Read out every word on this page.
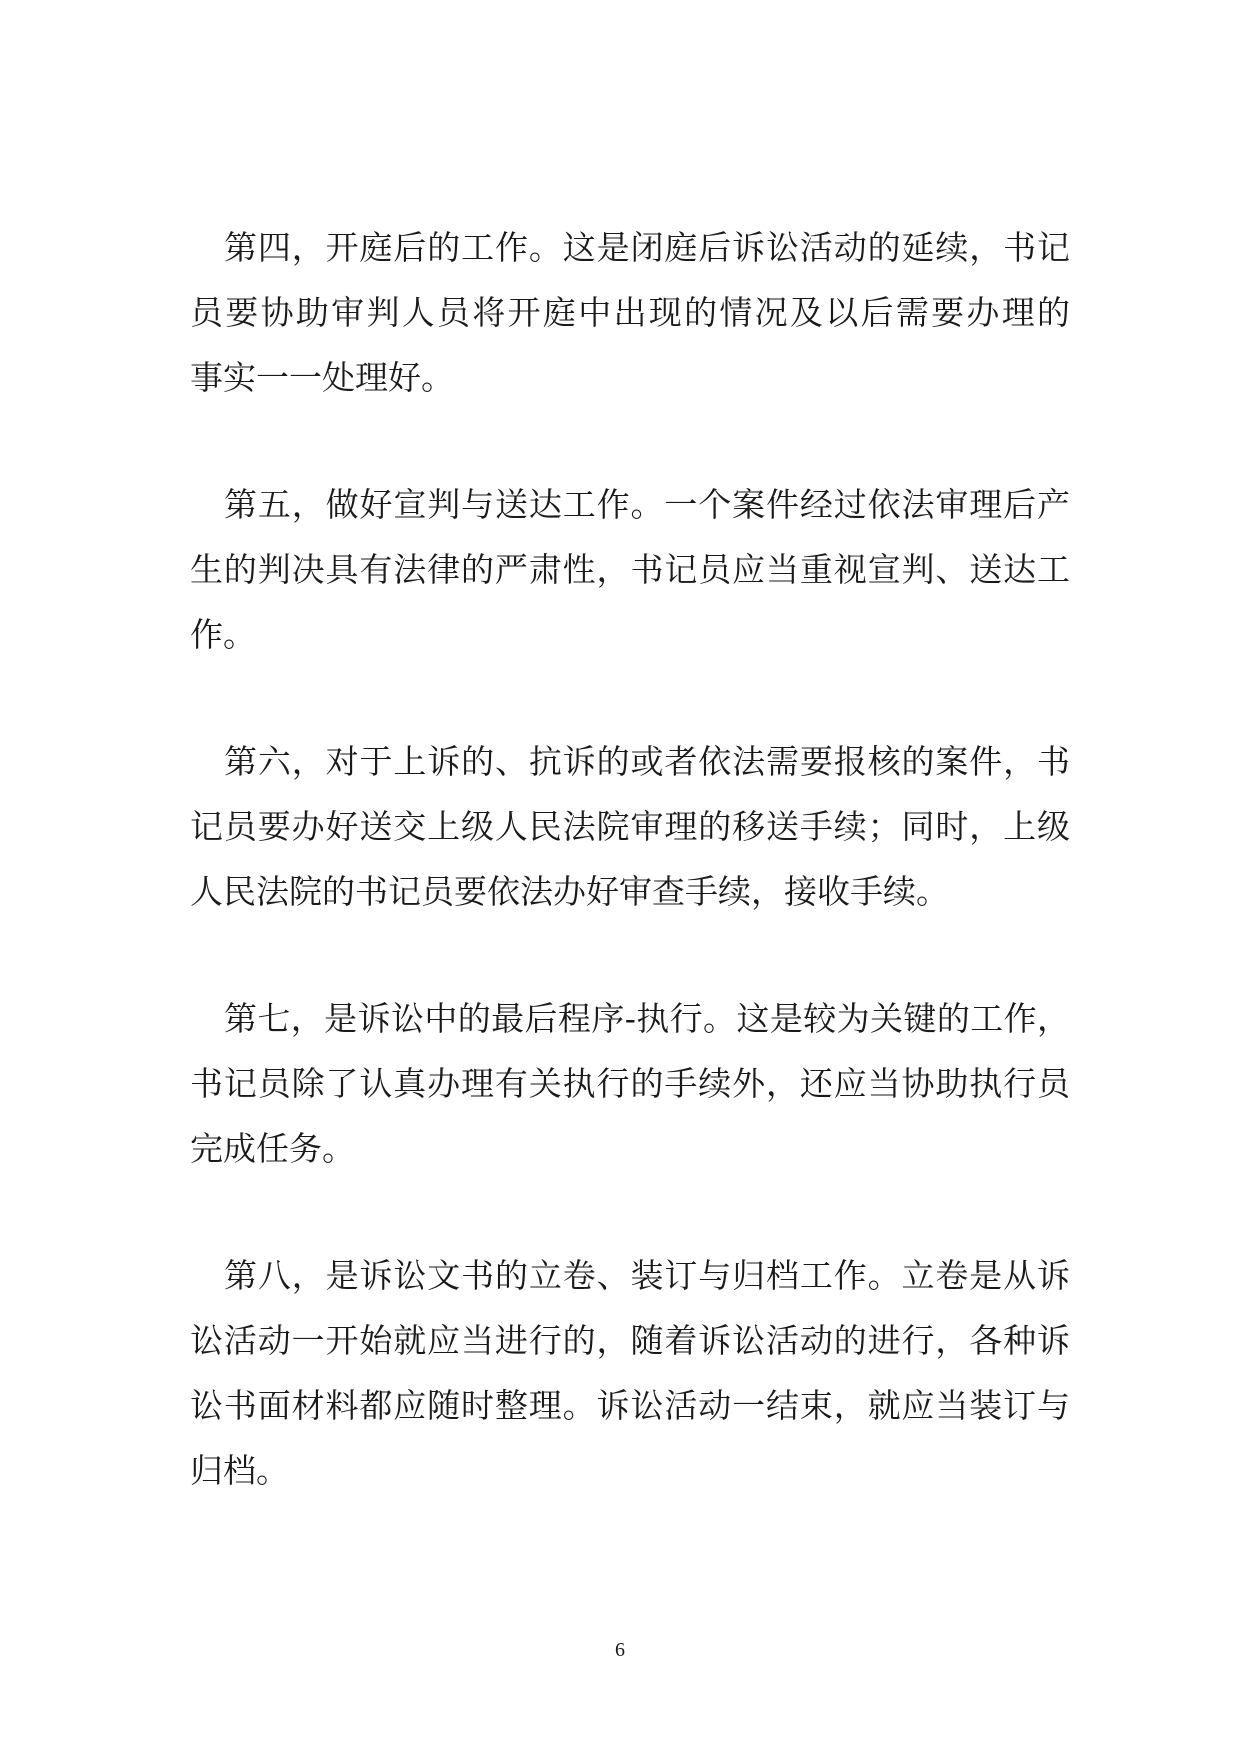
第四，开庭后的工作。这是闭庭后诉讼活动的延续，书记
员要协助审判人员将开庭中出现的情况及以后需要办理的
事实一一处理好。
第五，做好宣判与送达工作。一个案件经过依法审理后产
生的判决具有法律的严肃性，书记员应当重视宣判、送达工
作。
第六，对于上诉的、抗诉的或者依法需要报核的案件，书
记员要办好送交上级人民法院审理的移送手续；同时，上级
人民法院的书记员要依法办好审查手续，接收手续。
第七，是诉讼中的最后程序-执行。这是较为关键的工作，
书记员除了认真办理有关执行的手续外，还应当协助执行员
完成任务。
第八，是诉讼文书的立卷、装订与归档工作。立卷是从诉
讼活动一开始就应当进行的，随着诉讼活动的进行，各种诉
讼书面材料都应随时整理。诉讼活动一结束，就应当装订与
归档。
6
